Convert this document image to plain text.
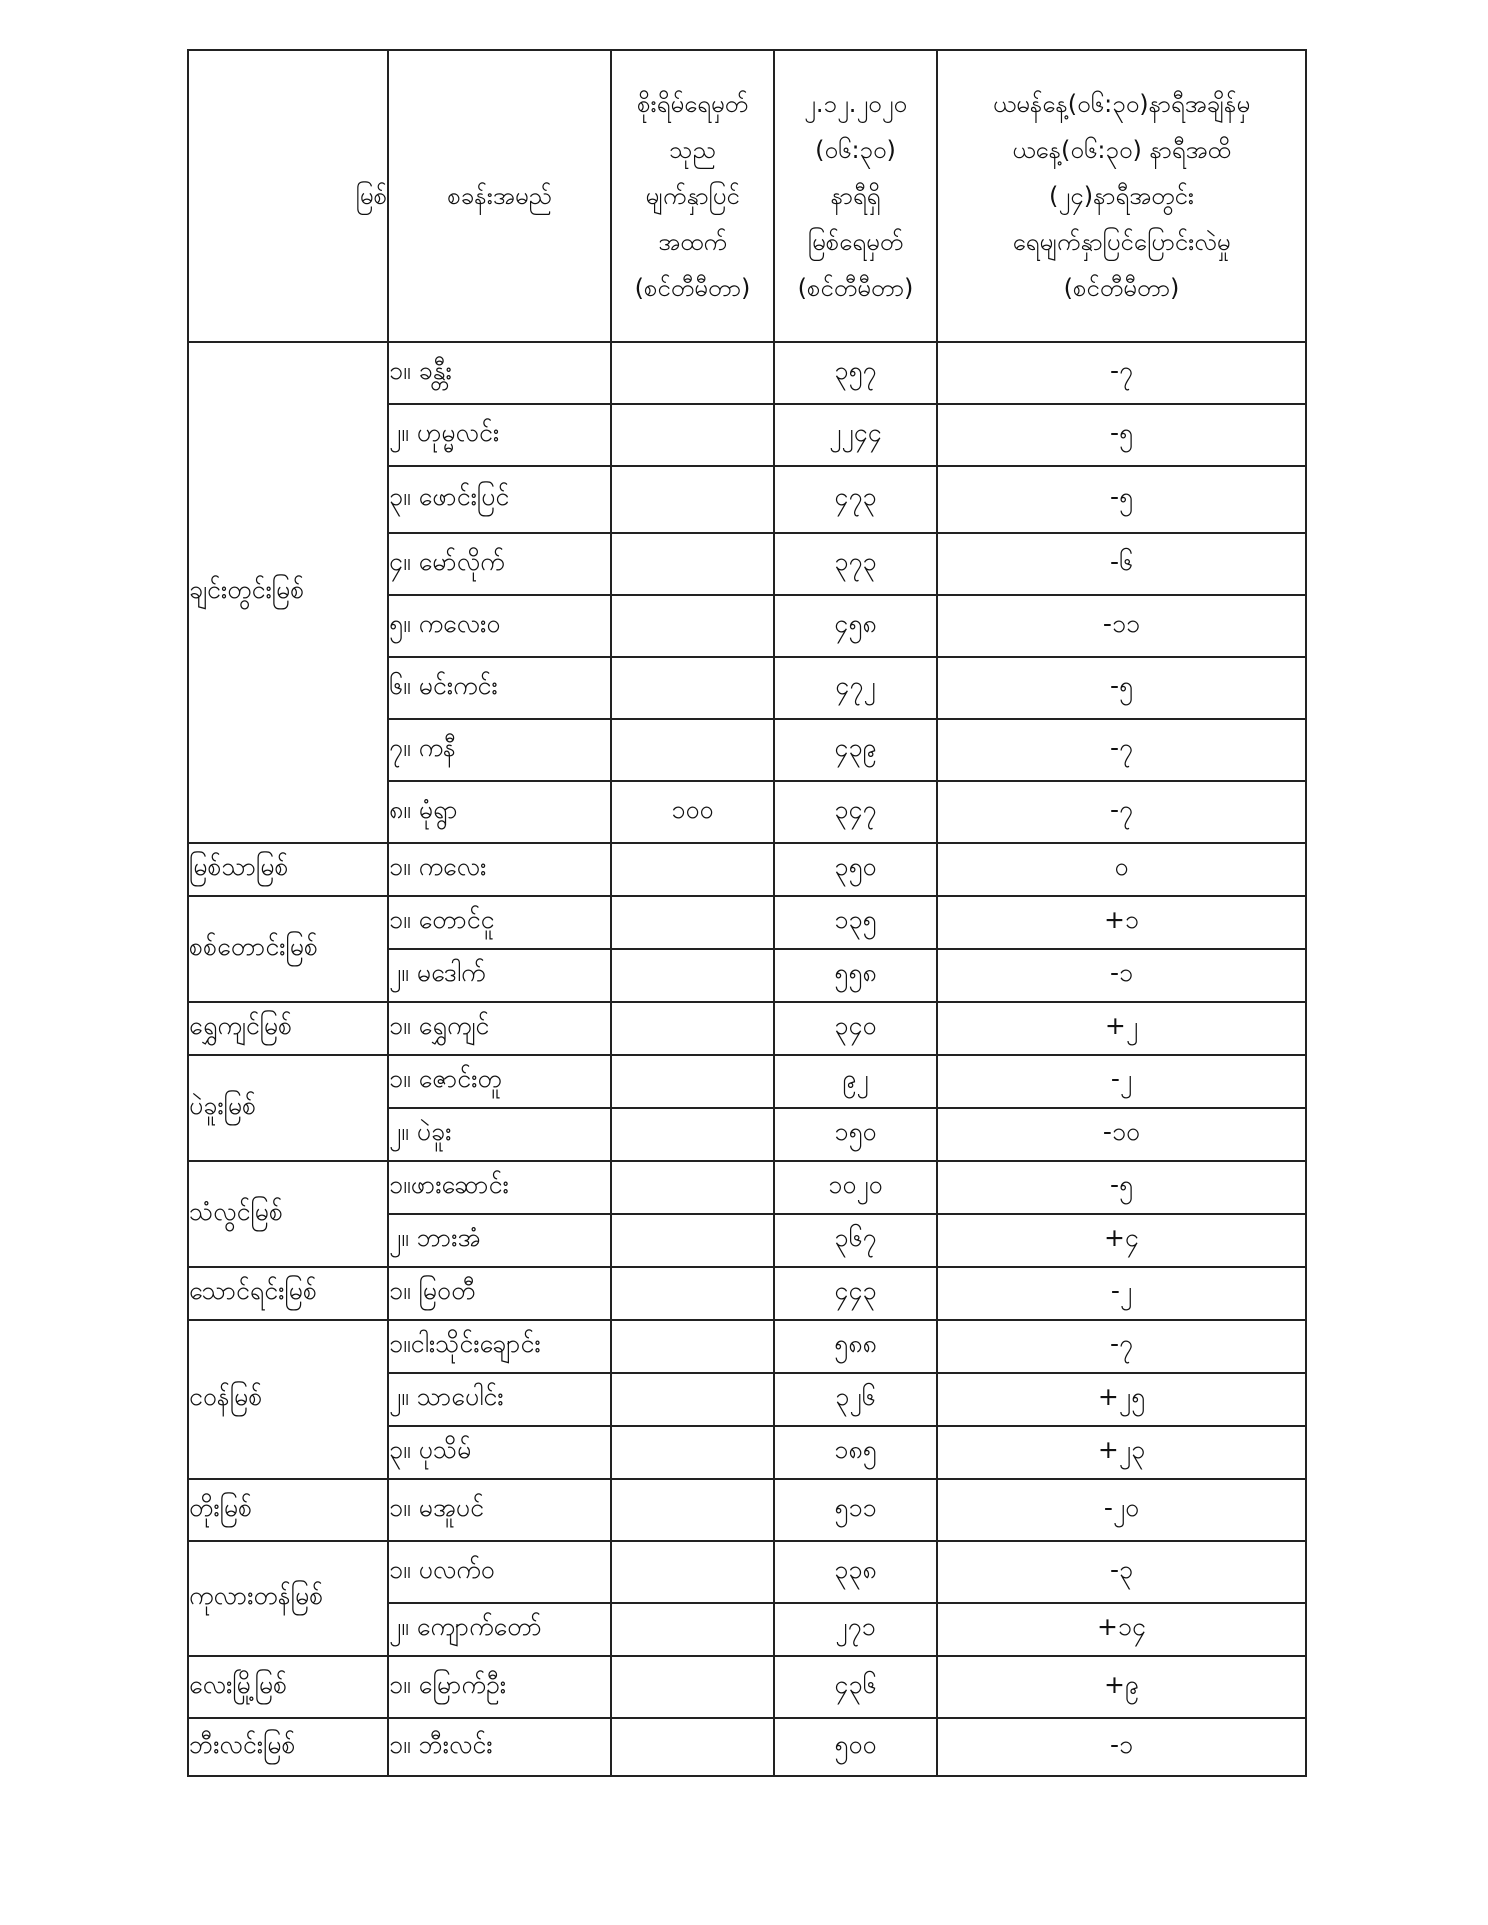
မြစ်	စခန်းအမည်	စိုးရိမ်ရေမှတ်
သုည
မျက်နှာပြင်
အထက်
(စင်တီမီတာ)	၂.၁၂.၂၀၂၀
(၀၆:၃၀)
နာရီရှိ
မြစ်ရေမှတ်
(စင်တီမီတာ)	ယမန်နေ့(၀၆:၃၀)နာရီအချိန်မှ
ယနေ့(၀၆:၃၀) နာရီအထိ
(၂၄)နာရီအတွင်း
ရေမျက်နှာပြင်ပြောင်းလဲမှု
(စင်တီမီတာ)

ချင်းတွင်းမြစ်	၁။ ခန္တီး		၃၅၇	-၇
	၂။ ဟုမ္မလင်း		၂၂၄၄	-၅
	၃။ ဖောင်းပြင်		၄၇၃	-၅
	၄။ မော်လိုက်		၃၇၃	-၆
	၅။ ကလေးဝ		၄၅၈	-၁၁
	၆။ မင်းကင်း		၄၇၂	-၅
	၇။ ကနီ		၄၃၉	-၇
	၈။ မုံရွာ	၁၀၀	၃၄၇	-၇
မြစ်သာမြစ်	၁။ ကလေး		၃၅၀	၀
စစ်တောင်းမြစ်	၁။ တောင်ငူ		၁၃၅	+၁
	၂။ မဒေါက်		၅၅၈	-၁
ရွှေကျင်မြစ်	၁။ ရွှေကျင်		၃၄၀	+၂
ပဲခူးမြစ်	၁။ ဇောင်းတူ		၉၂	-၂
	၂။ ပဲခူး		၁၅၀	-၁၀
သံလွင်မြစ်	၁။ဖားဆောင်း		၁၀၂၀	-၅
	၂။ ဘားအံ		၃၆၇	+၄
သောင်ရင်းမြစ်	၁။ မြဝတီ		၄၄၃	-၂
ငဝန်မြစ်	၁။ငါးသိုင်းချောင်း		၅၈၈	-၇
	၂။ သာပေါင်း		၃၂၆	+၂၅
	၃။ ပုသိမ်		၁၈၅	+၂၃
တိုးမြစ်	၁။ မအူပင်		၅၁၁	-၂၀
ကုလားတန်မြစ်	၁။ ပလက်ဝ		၃၃၈	-၃
	၂။ ကျောက်တော်		၂၇၁	+၁၄
လေးမြို့မြစ်	၁။ မြောက်ဦး		၄၃၆	+၉
ဘီးလင်းမြစ်	၁။ ဘီးလင်း		၅၀၀	-၁
